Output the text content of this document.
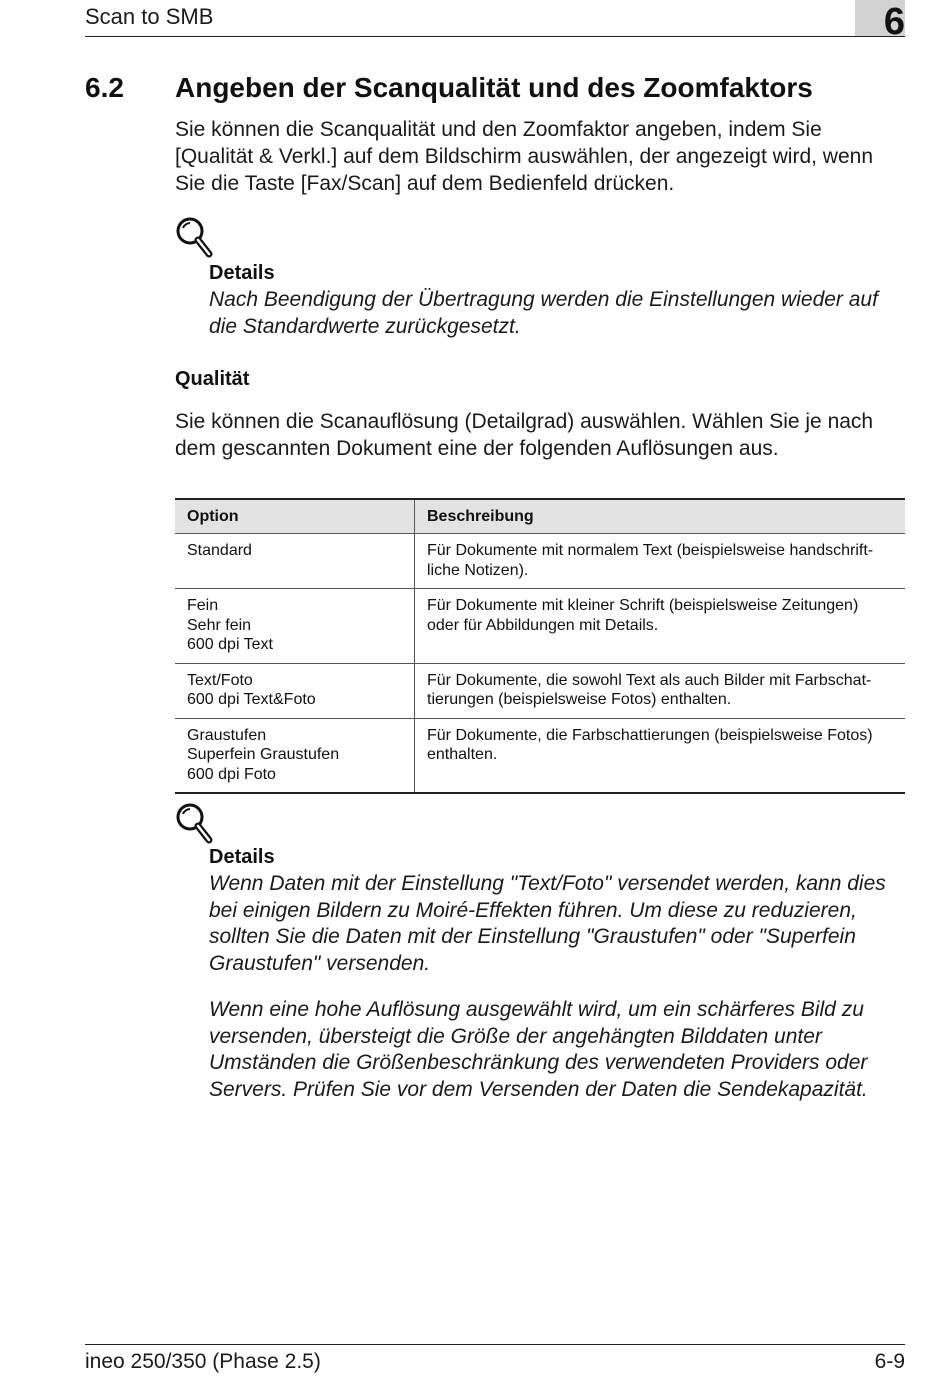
Scan to SMB	6
6.2 Angeben der Scanqualität und des Zoomfaktors
Sie können die Scanqualität und den Zoomfaktor angeben, indem Sie [Qualität & Verkl.] auf dem Bildschirm auswählen, der angezeigt wird, wenn Sie die Taste [Fax/Scan] auf dem Bedienfeld drücken.
Details
Nach Beendigung der Übertragung werden die Einstellungen wieder auf die Standardwerte zurückgesetzt.
Qualität
Sie können die Scanauflösung (Detailgrad) auswählen. Wählen Sie je nach dem gescannten Dokument eine der folgenden Auflösungen aus.
Option	Beschreibung

Standard	Für Dokumente mit normalem Text (beispielsweise handschrift-liche Notizen).

Fein
Sehr fein
600 dpi Text	Für Dokumente mit kleiner Schrift (beispielsweise Zeitungen) oder für Abbildungen mit Details.

Text/Foto
600 dpi Text&Foto	Für Dokumente, die sowohl Text als auch Bilder mit Farbschat-tierungen (beispielsweise Fotos) enthalten.

Graustufen
Superfein Graustufen
600 dpi Foto	Für Dokumente, die Farbschattierungen (beispielsweise Fotos) enthalten.
Details
Wenn Daten mit der Einstellung "Text/Foto" versendet werden, kann dies bei einigen Bildern zu Moiré-Effekten führen. Um diese zu reduzieren, sollten Sie die Daten mit der Einstellung "Graustufen" oder "Superfein Graustufen" versenden.
Wenn eine hohe Auflösung ausgewählt wird, um ein schärferes Bild zu versenden, übersteigt die Größe der angehängten Bilddaten unter Umständen die Größenbeschränkung des verwendeten Providers oder Servers. Prüfen Sie vor dem Versenden der Daten die Sendekapazität.
ineo 250/350 (Phase 2.5)	6-9
